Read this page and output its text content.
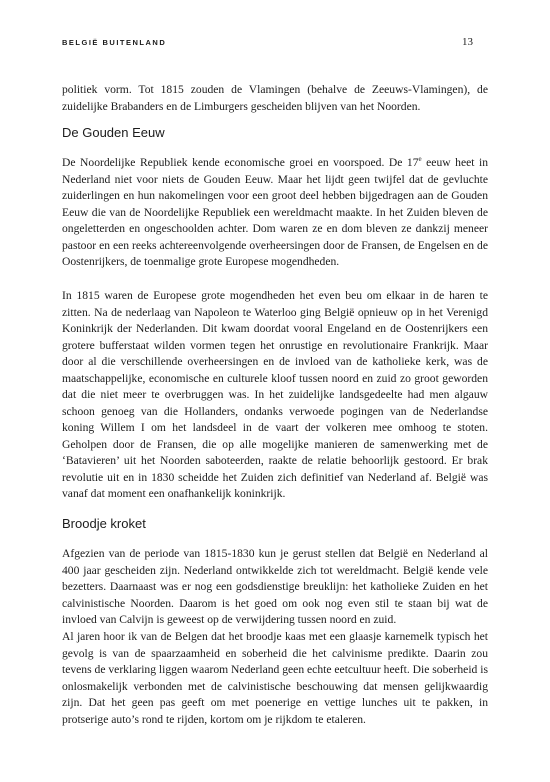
BELGIË BUITENLAND	13

politiek vorm. Tot 1815 zouden de Vlamingen (behalve de Zeeuws-Vlamingen), de zuidelijke Brabanders en de Limburgers gescheiden blijven van het Noorden.

De Gouden Eeuw

De Noordelijke Republiek kende economische groei en voorspoed. De 17e eeuw heet in Nederland niet voor niets de Gouden Eeuw. Maar het lijdt geen twijfel dat de gevluchte zuiderlingen en hun nakomelingen voor een groot deel hebben bijgedragen aan de Gouden Eeuw die van de Noordelijke Republiek een wereldmacht maakte. In het Zuiden bleven de ongeletterden en ongeschoolden achter. Dom waren ze en dom bleven ze dankzij meneer pastoor en een reeks achtereenvolgende overheersingen door de Fransen, de Engelsen en de Oostenrijkers, de toenmalige grote Europese mogendheden.

In 1815 waren de Europese grote mogendheden het even beu om elkaar in de haren te zitten. Na de nederlaag van Napoleon te Waterloo ging België opnieuw op in het Verenigd Koninkrijk der Nederlanden. Dit kwam doordat vooral Engeland en de Oostenrijkers een grotere bufferstaat wilden vormen tegen het onrustige en revolutionaire Frankrijk. Maar door al die verschillende overheersingen en de invloed van de katholieke kerk, was de maatschappelijke, economische en culturele kloof tussen noord en zuid zo groot geworden dat die niet meer te overbruggen was. In het zuidelijke landsgedeelte had men algauw schoon genoeg van die Hollanders, ondanks verwoede pogingen van de Nederlandse koning Willem I om het landsdeel in de vaart der volkeren mee omhoog te stoten. Geholpen door de Fransen, die op alle mogelijke manieren de samenwerking met de ‘Batavieren’ uit het Noorden saboteerden, raakte de relatie behoorlijk gestoord. Er brak revolutie uit en in 1830 scheidde het Zuiden zich definitief van Nederland af. België was vanaf dat moment een onafhankelijk koninkrijk.

Broodje kroket

Afgezien van de periode van 1815-1830 kun je gerust stellen dat België en Nederland al 400 jaar gescheiden zijn. Nederland ontwikkelde zich tot wereldmacht. België kende vele bezetters. Daarnaast was er nog een godsdienstige breuklijn: het katholieke Zuiden en het calvinistische Noorden. Daarom is het goed om ook nog even stil te staan bij wat de invloed van Calvijn is geweest op de verwijdering tussen noord en zuid.

Al jaren hoor ik van de Belgen dat het broodje kaas met een glaasje karnemelk typisch het gevolg is van de spaarzaamheid en soberheid die het calvinisme predikte. Daarin zou tevens de verklaring liggen waarom Nederland geen echte eetcultuur heeft. Die soberheid is onlosmakelijk verbonden met de calvinistische beschouwing dat mensen gelijkwaardig zijn. Dat het geen pas geeft om met poenerige en vettige lunches uit te pakken, in protserige auto’s rond te rijden, kortom om je rijkdom te etaleren.
